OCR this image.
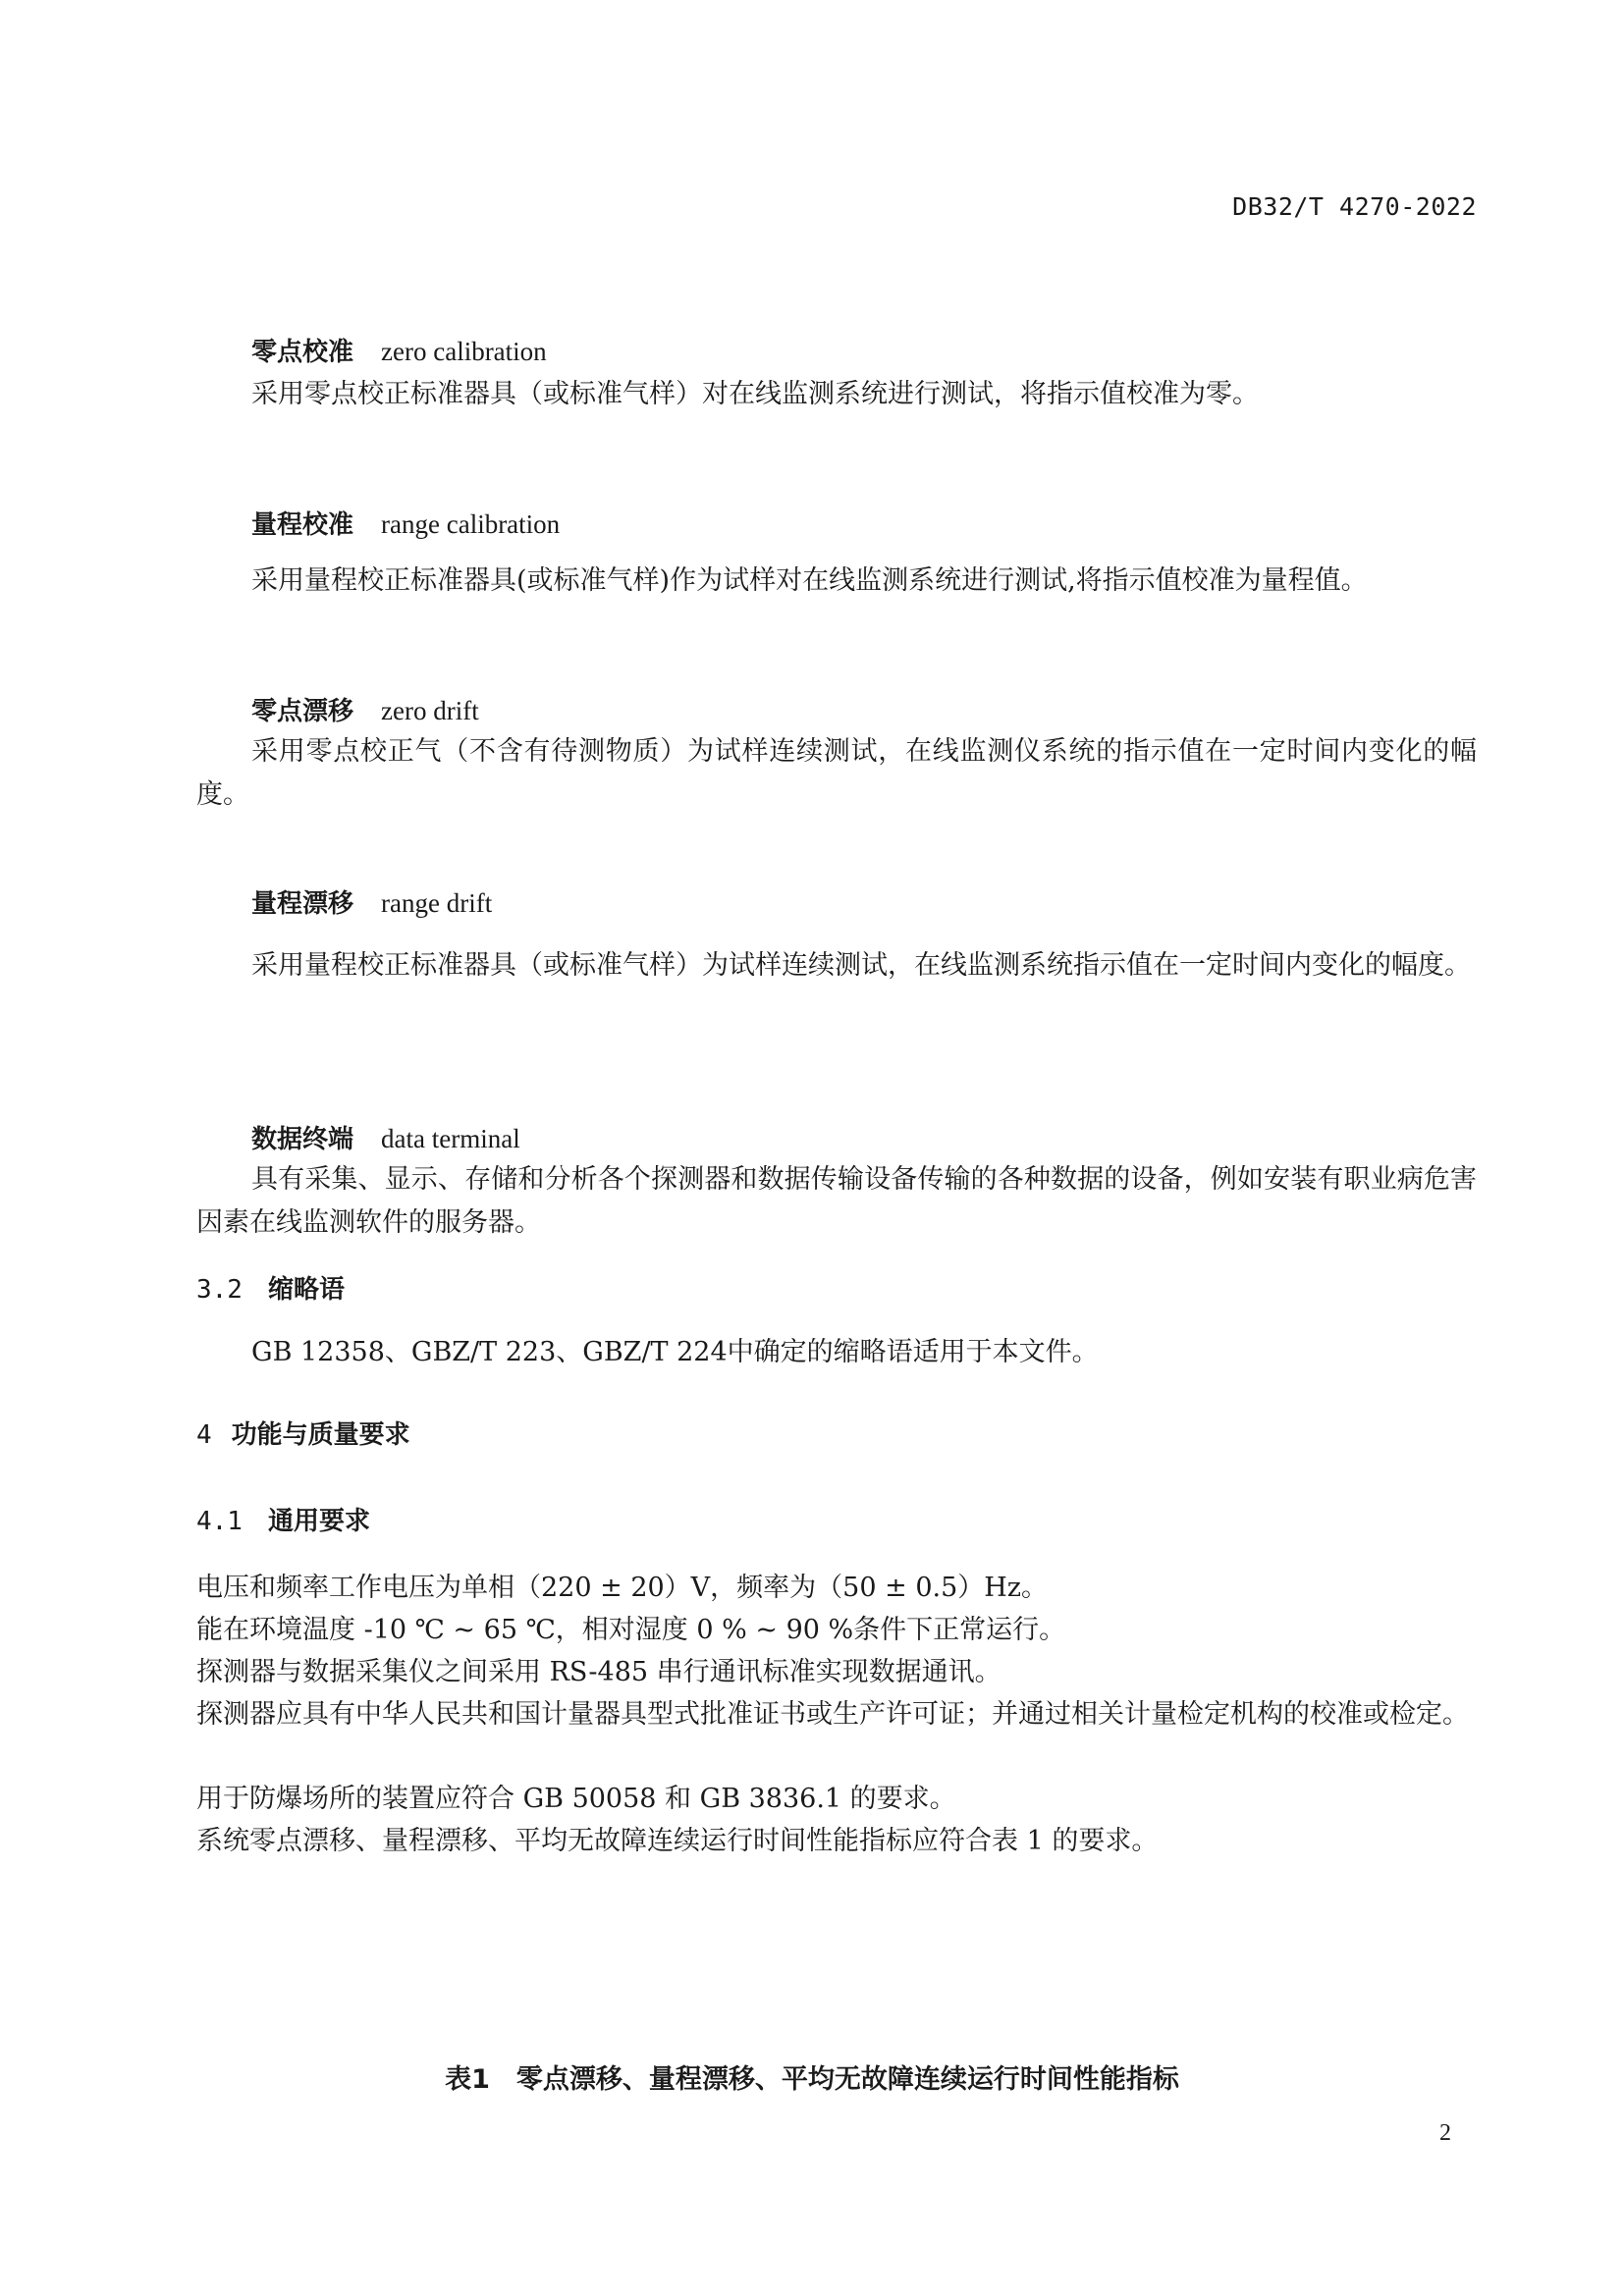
DB32/T 4270-2022
零点校准 zero calibration
采用零点校正标准器具（或标准气样）对在线监测系统进行测试，将指示值校准为零。
量程校准 range calibration
采用量程校正标准器具(或标准气样)作为试样对在线监测系统进行测试,将指示值校准为量程值。
零点漂移 zero drift
采用零点校正气（不含有待测物质）为试样连续测试，在线监测仪系统的指示值在一定时间内变化的幅度。
量程漂移 range drift
采用量程校正标准器具（或标准气样）为试样连续测试，在线监测系统指示值在一定时间内变化的幅度。
数据终端 data terminal
具有采集、显示、存储和分析各个探测器和数据传输设备传输的各种数据的设备，例如安装有职业病危害因素在线监测软件的服务器。
3.2 缩略语
GB 12358、GBZ/T 223、GBZ/T 224中确定的缩略语适用于本文件。
4 功能与质量要求
4.1 通用要求
电压和频率工作电压为单相（220 ± 20）V，频率为（50 ± 0.5）Hz。
能在环境温度 -10 ℃ ~ 65 ℃，相对湿度 0 % ~ 90 %条件下正常运行。
探测器与数据采集仪之间采用 RS-485 串行通讯标准实现数据通讯。
探测器应具有中华人民共和国计量器具型式批准证书或生产许可证；并通过相关计量检定机构的校准或检定。
用于防爆场所的装置应符合 GB 50058 和 GB 3836.1 的要求。
系统零点漂移、量程漂移、平均无故障连续运行时间性能指标应符合表 1 的要求。
表1　零点漂移、量程漂移、平均无故障连续运行时间性能指标
2
